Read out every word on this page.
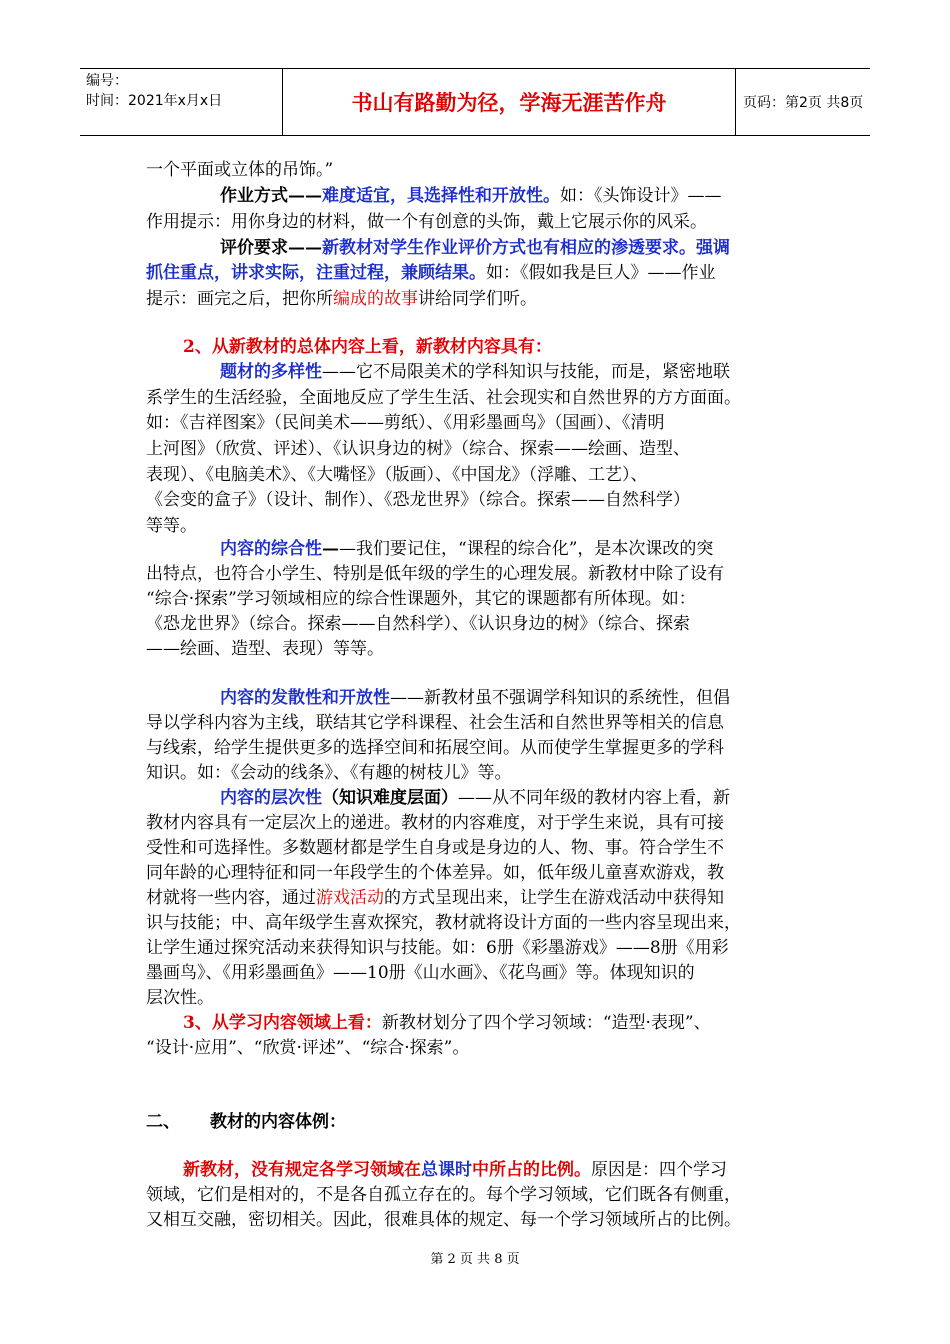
编号：
时间：2021年x月x日	书山有路勤为径，学海无涯苦作舟	页码：第2页 共8页
一个平面或立体的吊饰。”
作业方式——难度适宜，具选择性和开放性。如：《头饰设计》——
作用提示：用你身边的材料，做一个有创意的头饰，戴上它展示你的风采。
评价要求——新教材对学生作业评价方式也有相应的渗透要求。强调
抓住重点，讲求实际，注重过程，兼顾结果。如：《假如我是巨人》——作业
提示：画完之后，把你所编成的故事讲给同学们听。
2、从新教材的总体内容上看，新教材内容具有：
题材的多样性——它不局限美术的学科知识与技能，而是，紧密地联
系学生的生活经验，全面地反应了学生生活、社会现实和自然世界的方方面面。
如：《吉祥图案》（民间美术——剪纸）、《用彩墨画鸟》（国画）、《清明
上河图》（欣赏、评述）、《认识身边的树》（综合、探索——绘画、造型、
表现）、《电脑美术》、《大嘴怪》（版画）、《中国龙》（浮雕、工艺）、
《会变的盒子》（设计、制作）、《恐龙世界》（综合。探索——自然科学）
等等。
内容的综合性——我们要记住，“课程的综合化”，是本次课改的突
出特点，也符合小学生、特别是低年级的学生的心理发展。新教材中除了设有
“综合·探索”学习领域相应的综合性课题外，其它的课题都有所体现。如：
《恐龙世界》（综合。探索——自然科学）、《认识身边的树》（综合、探索
——绘画、造型、表现）等等。
内容的发散性和开放性——新教材虽不强调学科知识的系统性，但倡
导以学科内容为主线，联结其它学科课程、社会生活和自然世界等相关的信息
与线索，给学生提供更多的选择空间和拓展空间。从而使学生掌握更多的学科
知识。如：《会动的线条》、《有趣的树枝儿》等。
内容的层次性（知识难度层面）——从不同年级的教材内容上看，新
教材内容具有一定层次上的递进。教材的内容难度，对于学生来说，具有可接
受性和可选择性。多数题材都是学生自身或是身边的人、物、事。符合学生不
同年龄的心理特征和同一年段学生的个体差异。如，低年级儿童喜欢游戏，教
材就将一些内容，通过游戏活动的方式呈现出来，让学生在游戏活动中获得知
识与技能；中、高年级学生喜欢探究，教材就将设计方面的一些内容呈现出来，
让学生通过探究活动来获得知识与技能。如：6册《彩墨游戏》——8册《用彩
墨画鸟》、《用彩墨画鱼》——10册《山水画》、《花鸟画》等。体现知识的
层次性。
3、从学习内容领域上看：新教材划分了四个学习领域：“造型·表现”、
“设计·应用”、“欣赏·评述”、“综合·探索”。
二、 教材的内容体例：
新教材，没有规定各学习领域在总课时中所占的比例。原因是：四个学习
领域，它们是相对的，不是各自孤立存在的。每个学习领域，它们既各有侧重，
又相互交融，密切相关。因此，很难具体的规定、每一个学习领域所占的比例。
第 2 页 共 8 页
